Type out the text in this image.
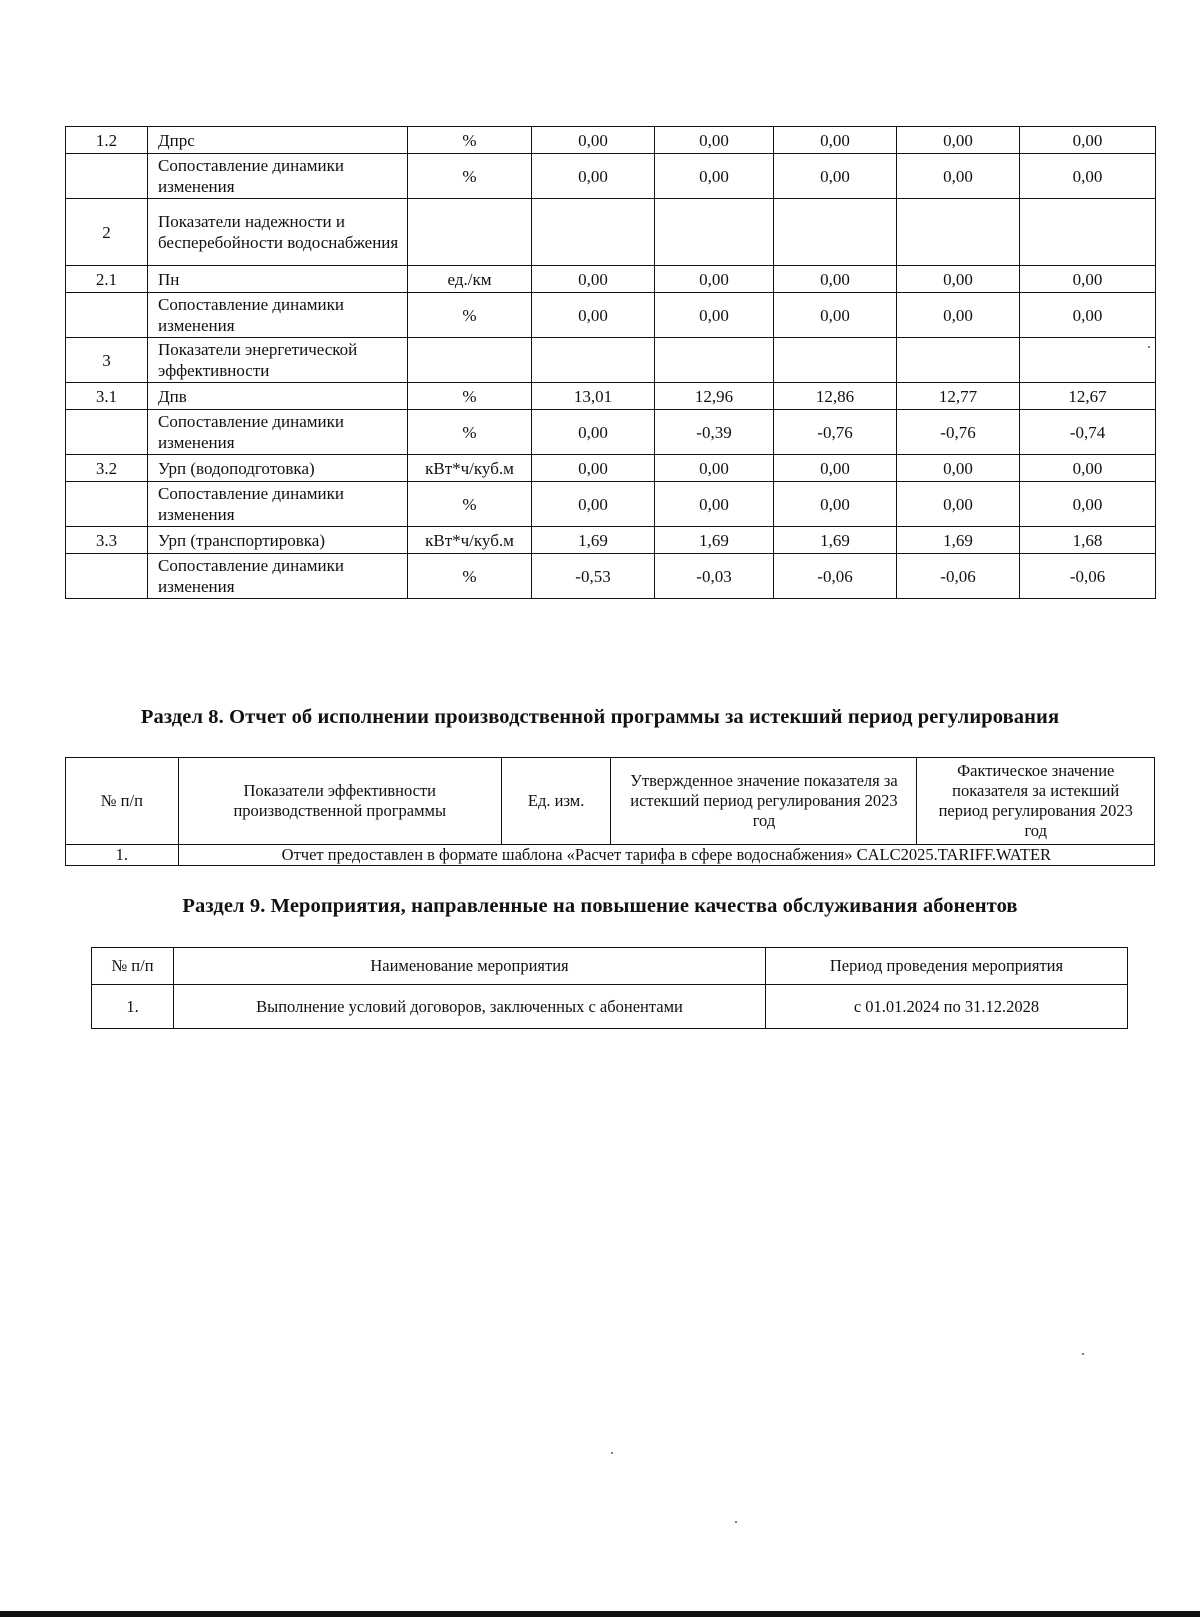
1.2	Дпрс	%	0,00	0,00	0,00	0,00	0,00
	Сопоставление динамики изменения	%	0,00	0,00	0,00	0,00	0,00
2	Показатели надежности и бесперебойности водоснабжения						
2.1	Пн	ед./км	0,00	0,00	0,00	0,00	0,00
	Сопоставление динамики изменения	%	0,00	0,00	0,00	0,00	0,00
3	Показатели энергетической эффективности						
3.1	Дпв	%	13,01	12,96	12,86	12,77	12,67
	Сопоставление динамики изменения	%	0,00	-0,39	-0,76	-0,76	-0,74
3.2	Урп (водоподготовка)	кВт*ч/куб.м	0,00	0,00	0,00	0,00	0,00
	Сопоставление динамики изменения	%	0,00	0,00	0,00	0,00	0,00
3.3	Урп (транспортировка)	кВт*ч/куб.м	1,69	1,69	1,69	1,69	1,68
	Сопоставление динамики изменения	%	-0,53	-0,03	-0,06	-0,06	-0,06
Раздел 8. Отчет об исполнении производственной программы за истекший период регулирования
№ п/п	Показатели эффективности производственной программы	Ед. изм.	Утвержденное значение показателя за истекший период регулирования 2023 год	Фактическое значение показателя за истекший период регулирования 2023 год
1.	Отчет предоставлен в формате шаблона «Расчет тарифа в сфере водоснабжения» CALC2025.TARIFF.WATER			
Раздел 9. Мероприятия, направленные на повышение качества обслуживания абонентов
№ п/п	Наименование мероприятия	Период проведения мероприятия
1.	Выполнение условий договоров, заключенных с абонентами	с 01.01.2024 по 31.12.2028
